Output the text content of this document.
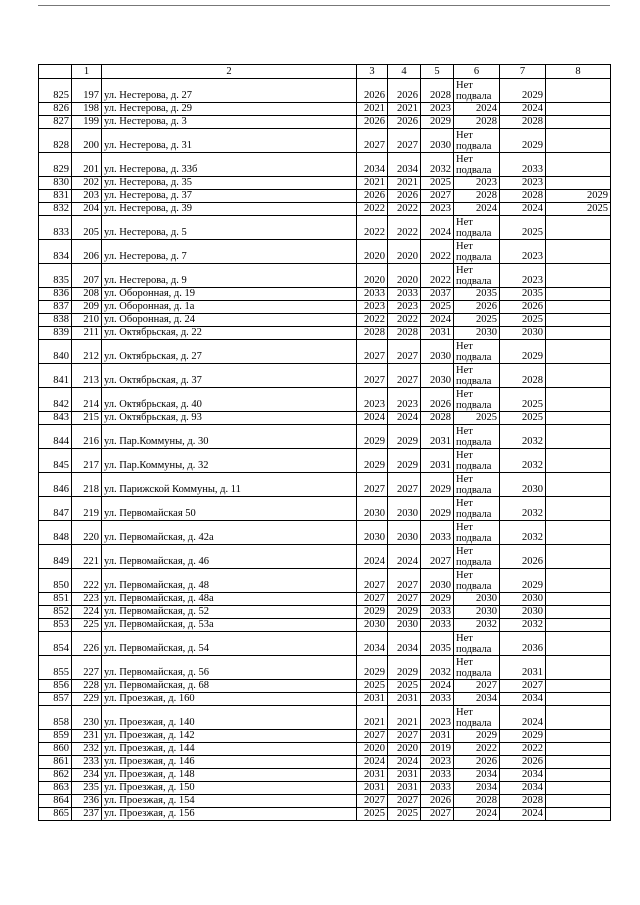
	1	2	3	4	5	6	7	8
825	197	ул. Нестерова, д. 27	2026	2026	2028	Нет подвала	2029	
826	198	ул. Нестерова, д. 29	2021	2021	2023	2024	2024	
827	199	ул. Нестерова, д. 3	2026	2026	2029	2028	2028	
828	200	ул. Нестерова, д. 31	2027	2027	2030	Нет подвала	2029	
829	201	ул. Нестерова, д. 33б	2034	2034	2032	Нет подвала	2033	
830	202	ул. Нестерова, д. 35	2021	2021	2025	2023	2023	
831	203	ул. Нестерова, д. 37	2026	2026	2027	2028	2028	2029
832	204	ул. Нестерова, д. 39	2022	2022	2023	2024	2024	2025
833	205	ул. Нестерова, д. 5	2022	2022	2024	Нет подвала	2025	
834	206	ул. Нестерова, д. 7	2020	2020	2022	Нет подвала	2023	
835	207	ул. Нестерова, д. 9	2020	2020	2022	Нет подвала	2023	
836	208	ул. Оборонная, д. 19	2033	2033	2037	2035	2035	
837	209	ул. Оборонная, д. 1а	2023	2023	2025	2026	2026	
838	210	ул. Оборонная, д. 24	2022	2022	2024	2025	2025	
839	211	ул. Октябрьская, д. 22	2028	2028	2031	2030	2030	
840	212	ул. Октябрьская, д. 27	2027	2027	2030	Нет подвала	2029	
841	213	ул. Октябрьская, д. 37	2027	2027	2030	Нет подвала	2028	
842	214	ул. Октябрьская, д. 40	2023	2023	2026	Нет подвала	2025	
843	215	ул. Октябрьская, д. 93	2024	2024	2028	2025	2025	
844	216	ул. Пар.Коммуны, д. 30	2029	2029	2031	Нет подвала	2032	
845	217	ул. Пар.Коммуны, д. 32	2029	2029	2031	Нет подвала	2032	
846	218	ул. Парижской Коммуны, д. 11	2027	2027	2029	Нет подвала	2030	
847	219	ул. Первомайская 50	2030	2030	2029	Нет подвала	2032	
848	220	ул. Первомайская, д. 42а	2030	2030	2033	Нет подвала	2032	
849	221	ул. Первомайская, д. 46	2024	2024	2027	Нет подвала	2026	
850	222	ул. Первомайская, д. 48	2027	2027	2030	Нет подвала	2029	
851	223	ул. Первомайская, д. 48а	2027	2027	2029	2030	2030	
852	224	ул. Первомайская, д. 52	2029	2029	2033	2030	2030	
853	225	ул. Первомайская, д. 53а	2030	2030	2033	2032	2032	
854	226	ул. Первомайская, д. 54	2034	2034	2035	Нет подвала	2036	
855	227	ул. Первомайская, д. 56	2029	2029	2032	Нет подвала	2031	
856	228	ул. Первомайская, д. 68	2025	2025	2024	2027	2027	
857	229	ул. Проезжая, д. 160	2031	2031	2033	2034	2034	
858	230	ул. Проезжая, д. 140	2021	2021	2023	Нет подвала	2024	
859	231	ул. Проезжая, д. 142	2027	2027	2031	2029	2029	
860	232	ул. Проезжая, д. 144	2020	2020	2019	2022	2022	
861	233	ул. Проезжая, д. 146	2024	2024	2023	2026	2026	
862	234	ул. Проезжая, д. 148	2031	2031	2033	2034	2034	
863	235	ул. Проезжая, д. 150	2031	2031	2033	2034	2034	
864	236	ул. Проезжая, д. 154	2027	2027	2026	2028	2028	
865	237	ул. Проезжая, д. 156	2025	2025	2027	2024	2024	
